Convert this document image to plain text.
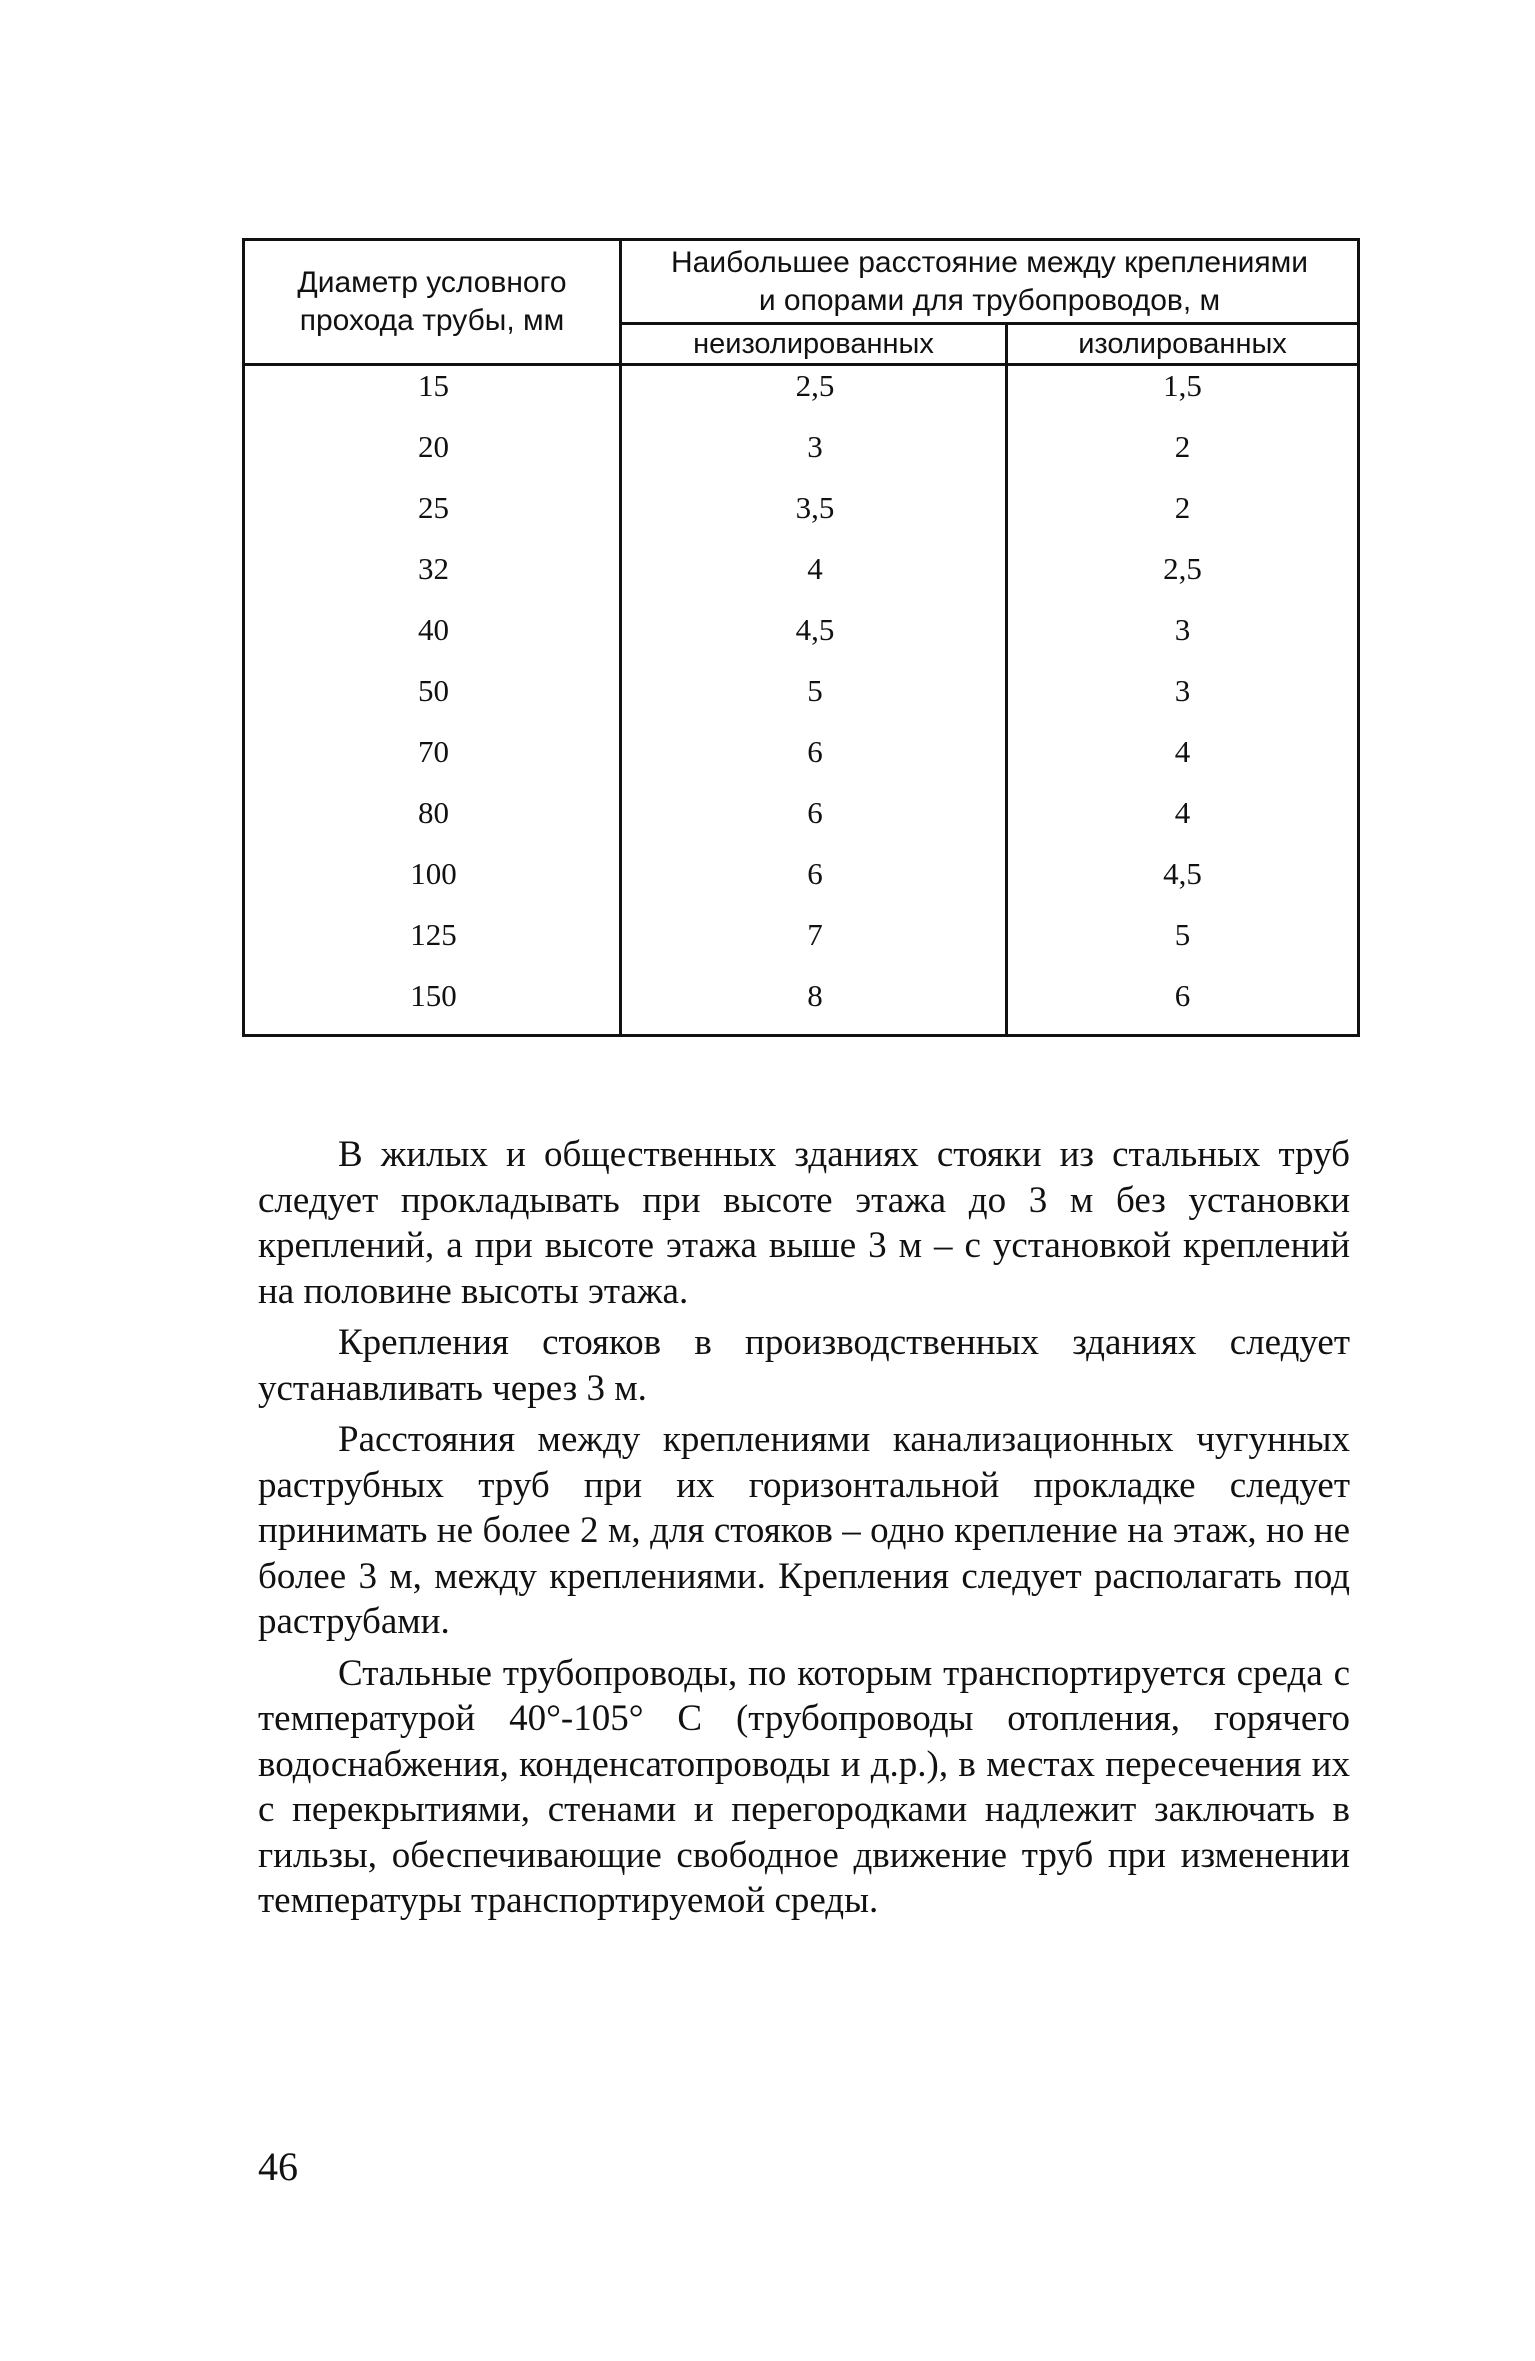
Диаметр условного
прохода трубы, мм
Наибольшее расстояние между креплениями
и опорами для трубопроводов, м
неизолированных	изолированных
15	2,5	1,5
20	3	2
25	3,5	2
32	4	2,5
40	4,5	3
50	5	3
70	6	4
80	6	4
100	6	4,5
125	7	5
150	8	6

В жилых и общественных зданиях стояки из стальных труб следует прокладывать при высоте этажа до 3 м без установки креплений, а при высоте этажа выше 3 м – с установкой креплений на половине высоты этажа.

Крепления стояков в производственных зданиях следует устанавливать через 3 м.

Расстояния между креплениями канализационных чугунных раструбных труб при их горизонтальной прокладке следует принимать не более 2 м, для стояков – одно крепление на этаж, но не более 3 м, между креплениями. Крепления следует располагать под раструбами.

Стальные трубопроводы, по которым транспортируется среда с температурой 40°-105° С (трубопроводы отопления, горячего водоснабжения, конденсатопроводы и д.р.), в местах пересечения их с перекрытиями, стенами и перегородками надлежит заключать в гильзы, обеспечивающие свободное движение труб при изменении температуры транспортируемой среды.

46
